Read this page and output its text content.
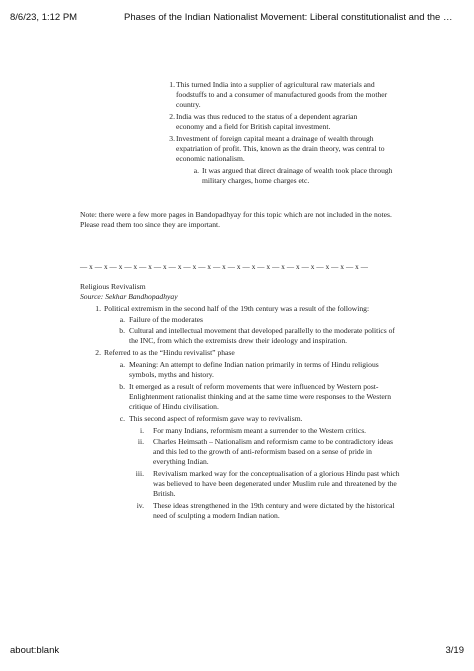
8/6/23, 1:12 PM	Phases of the Indian Nationalist Movement: Liberal constitutionalist and the …
1. This turned India into a supplier of agricultural raw materials and foodstuffs to and a consumer of manufactured goods from the mother country.

2. India was thus reduced to the status of a dependent agrarian economy and a field for British capital investment.

3. Investment of foreign capital meant a drainage of wealth through expatriation of profit. This, known as the drain theory, was central to economic nationalism.

a. It was argued that direct drainage of wealth took place through military charges, home charges etc.

Note: there were a few more pages in Bandopadhyay for this topic which are not included in the notes. Please read them too since they are important.

— x — x — x — x — x — x — x — x — x — x — x — x — x — x — x — x — x — x — x —

Religious Revivalism

Source: Sekhar Bandhopadhyay

1. Political extremism in the second half of the 19th century was a result of the following:

a. Failure of the moderates

b. Cultural and intellectual movement that developed parallelly to the moderate politics of the INC, from which the extremists drew their ideology and inspiration.

2. Referred to as the “Hindu revivalist” phase

a. Meaning: An attempt to define Indian nation primarily in terms of Hindu religious symbols, myths and history.

b. It emerged as a result of reform movements that were influenced by Western post-Enlightenment rationalist thinking and at the same time were responses to the Western critique of Hindu civilisation.

c. This second aspect of reformism gave way to revivalism.

i. For many Indians, reformism meant a surrender to the Western critics.

ii. Charles Heimsath – Nationalism and reformism came to be contradictory ideas and this led to the growth of anti-reformism based on a sense of pride in everything Indian.

iii. Revivalism marked way for the conceptualisation of a glorious Hindu past which was believed to have been degenerated under Muslim rule and threatened by the British.

iv. These ideas strengthened in the 19th century and were dictated by the historical need of sculpting a modern Indian nation.

about:blank	3/19
